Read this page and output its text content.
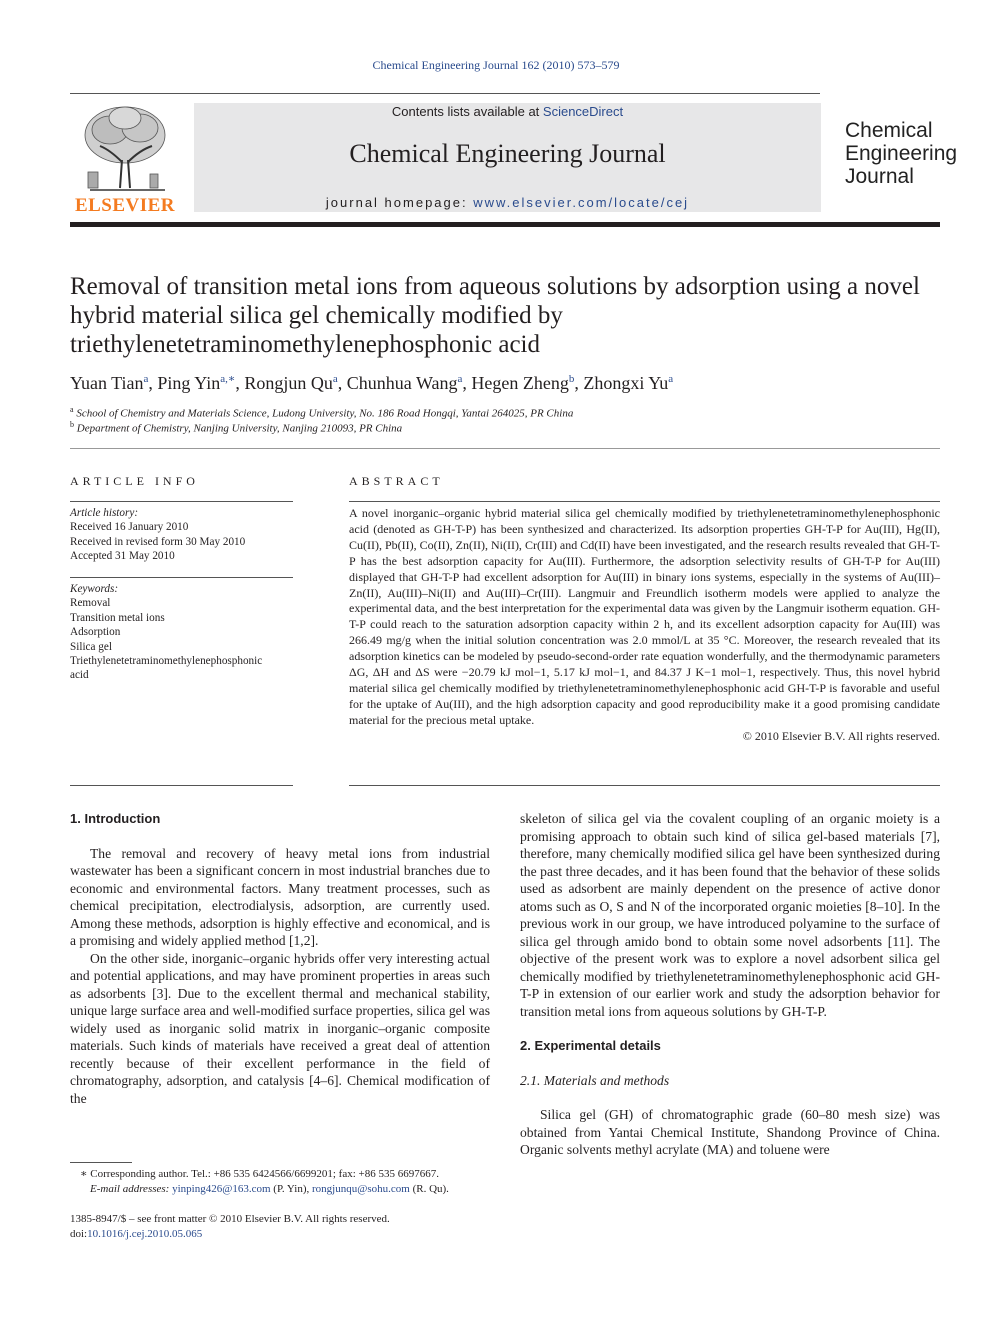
Chemical Engineering Journal 162 (2010) 573–579
ELSEVIER
Contents lists available at ScienceDirect
Chemical Engineering Journal
journal homepage: www.elsevier.com/locate/cej
Chemical
Engineering
Journal
Removal of transition metal ions from aqueous solutions by adsorption using a novel hybrid material silica gel chemically modified by triethylenetetraminomethylenephosphonic acid
Yuan Tian$^a$, Ping Yin$^{a,∗}$, Rongjun Qu$^a$, Chunhua Wang$^a$, Hegen Zheng$^b$, Zhongxi Yu$^a$
$^a$ School of Chemistry and Materials Science, Ludong University, No. 186 Road Hongqi, Yantai 264025, PR China
$^b$ Department of Chemistry, Nanjing University, Nanjing 210093, PR China
ARTICLE INFO
Article history:
Received 16 January 2010
Received in revised form 30 May 2010
Accepted 31 May 2010
Keywords:
Removal
Transition metal ions
Adsorption
Silica gel
Triethylenetetraminomethylenephosphonic
acid
ABSTRACT

A novel inorganic–organic hybrid material silica gel chemically modified by triethylenetetraminomethylenephosphonic acid (denoted as GH-T-P) has been synthesized and characterized. Its adsorption properties GH-T-P for Au(III), Hg(II), Cu(II), Pb(II), Co(II), Zn(II), Ni(II), Cr(III) and Cd(II) have been investigated, and the research results revealed that GH-T-P has the best adsorption capacity for Au(III). Furthermore, the adsorption selectivity results of GH-T-P for Au(III) displayed that GH-T-P had excellent adsorption for Au(III) in binary ions systems, especially in the systems of Au(III)–Zn(II), Au(III)–Ni(II) and Au(III)–Cr(III). Langmuir and Freundlich isotherm models were applied to analyze the experimental data, and the best interpretation for the experimental data was given by the Langmuir isotherm equation. GH-T-P could reach to the saturation adsorption capacity within 2 h, and its excellent adsorption capacity for Au(III) was 266.49 mg/g when the initial solution concentration was 2.0 mmol/L at 35 °C. Moreover, the research revealed that its adsorption kinetics can be modeled by pseudo-second-order rate equation wonderfully, and the thermodynamic parameters ΔG, ΔH and ΔS were −20.79 kJ mol−1, 5.17 kJ mol−1, and 84.37 J K−1 mol−1, respectively. Thus, this novel hybrid material silica gel chemically modified by triethylenetetraminomethylenephosphonic acid GH-T-P is favorable and useful for the uptake of Au(III), and the high adsorption capacity and good reproducibility make it a good promising candidate material for the precious metal uptake.

© 2010 Elsevier B.V. All rights reserved.

1. Introduction

The removal and recovery of heavy metal ions from industrial wastewater has been a significant concern in most industrial branches due to economic and environmental factors. Many treatment processes, such as chemical precipitation, electrodialysis, adsorption, are currently used. Among these methods, adsorption is highly effective and economical, and is a promising and widely applied method [1,2].

On the other side, inorganic–organic hybrids offer very interesting actual and potential applications, and may have prominent properties in areas such as adsorbents [3]. Due to the excellent thermal and mechanical stability, unique large surface area and well-modified surface properties, silica gel was widely used as inorganic solid matrix in inorganic–organic composite materials. Such kinds of materials have received a great deal of attention recently because of their excellent performance in the field of chromatography, adsorption, and catalysis [4–6]. Chemical modification of the

skeleton of silica gel via the covalent coupling of an organic moiety is a promising approach to obtain such kind of silica gel-based materials [7], therefore, many chemically modified silica gel have been synthesized during the past three decades, and it has been found that the behavior of these solids used as adsorbent are mainly dependent on the presence of active donor atoms such as O, S and N of the incorporated organic moieties [8–10]. In the previous work in our group, we have introduced polyamine to the surface of silica gel through amido bond to obtain some novel adsorbents [11]. The objective of the present work was to explore a novel adsorbent silica gel chemically modified by triethylenetetraminomethylenephosphonic acid GH-T-P in extension of our earlier work and study the adsorption behavior for transition metal ions from aqueous solutions by GH-T-P.

2. Experimental details

2.1. Materials and methods

Silica gel (GH) of chromatographic grade (60–80 mesh size) was obtained from Yantai Chemical Institute, Shandong Province of China. Organic solvents methyl acrylate (MA) and toluene were

∗ Corresponding author. Tel.: +86 535 6424566/6699201; fax: +86 535 6697667.
E-mail addresses: yinping426@163.com (P. Yin), rongjunqu@sohu.com (R. Qu).
1385-8947/$ – see front matter © 2010 Elsevier B.V. All rights reserved.
doi:10.1016/j.cej.2010.05.065
